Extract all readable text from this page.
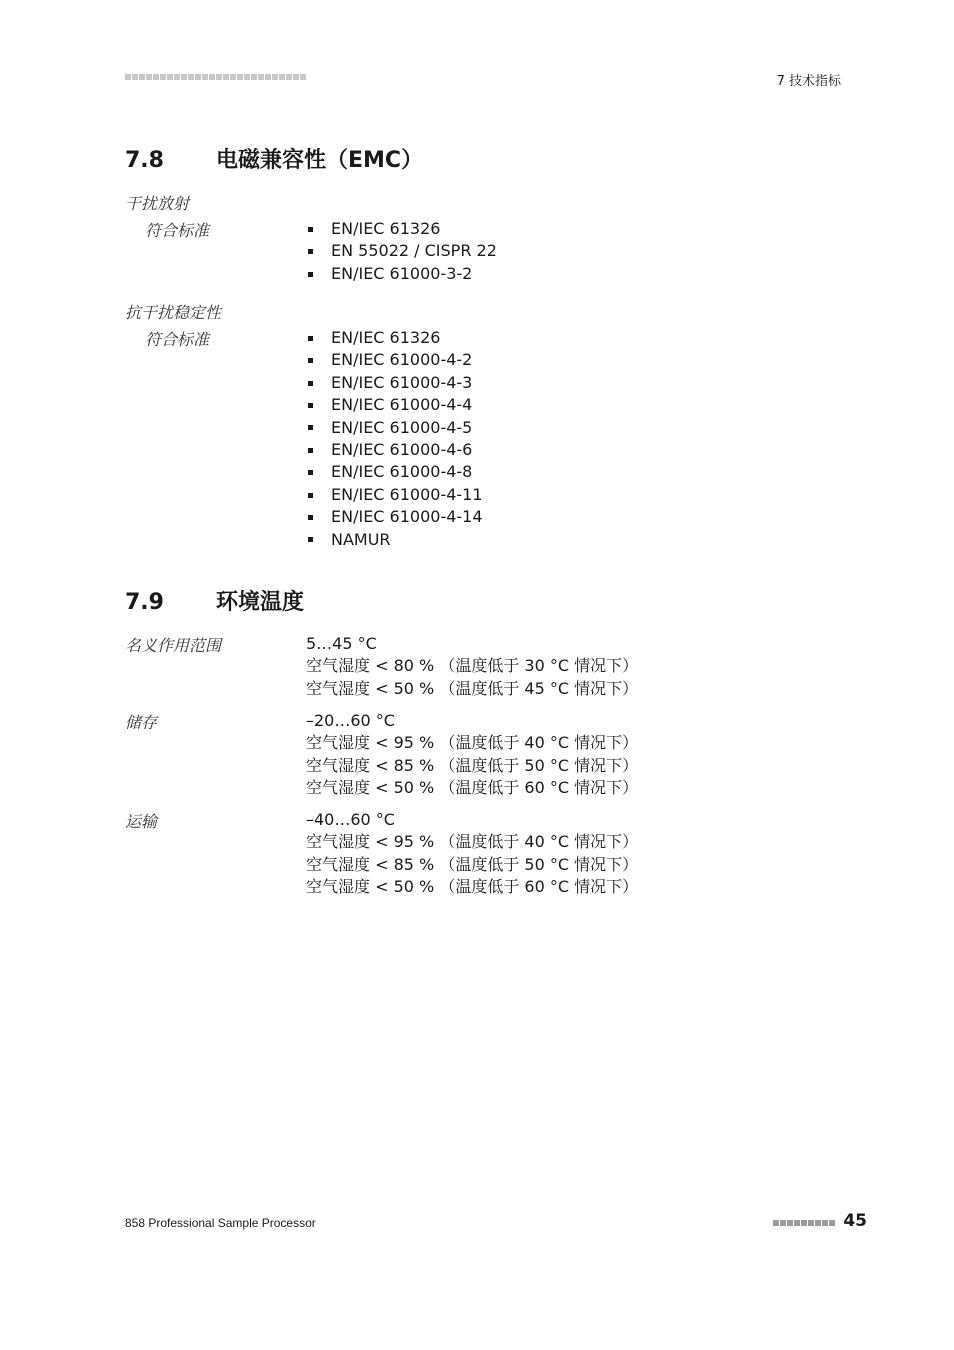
7 技术指标
7.8	电磁兼容性（EMC）
干扰放射
符合标准	EN/IEC 61326
EN 55022 / CISPR 22
EN/IEC 61000-3-2
抗干扰稳定性
符合标准	EN/IEC 61326
EN/IEC 61000-4-2
EN/IEC 61000-4-3
EN/IEC 61000-4-4
EN/IEC 61000-4-5
EN/IEC 61000-4-6
EN/IEC 61000-4-8
EN/IEC 61000-4-11
EN/IEC 61000-4-14
NAMUR
7.9	环境温度
名义作用范围	5…45 °C
空气湿度 < 80 % （温度低于 30 °C 情况下）
空气湿度 < 50 % （温度低于 45 °C 情况下）
储存	–20…60 °C
空气湿度 < 95 % （温度低于 40 °C 情况下）
空气湿度 < 85 % （温度低于 50 °C 情况下）
空气湿度 < 50 % （温度低于 60 °C 情况下）
运输	–40…60 °C
空气湿度 < 95 % （温度低于 40 °C 情况下）
空气湿度 < 85 % （温度低于 50 °C 情况下）
空气湿度 < 50 % （温度低于 60 °C 情况下）
858 Professional Sample Processor	45
